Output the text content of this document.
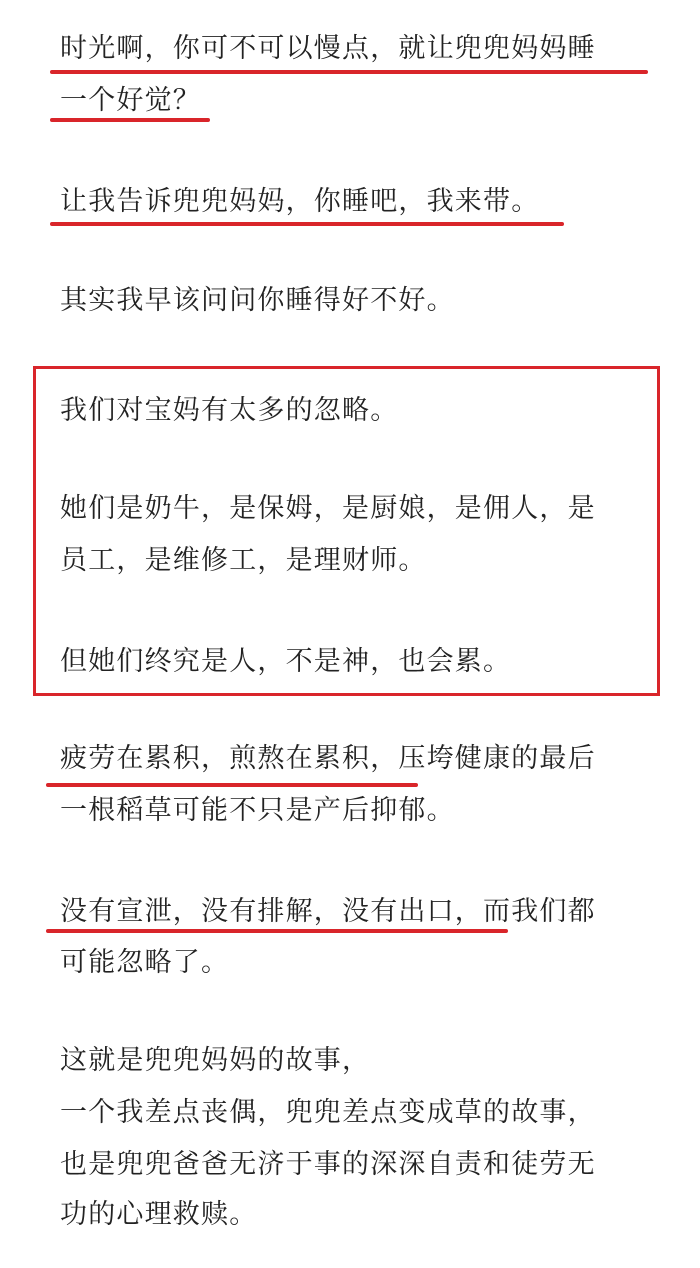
时光啊，你可不可以慢点，就让兜兜妈妈睡
一个好觉？
让我告诉兜兜妈妈，你睡吧，我来带。
其实我早该问问你睡得好不好。
我们对宝妈有太多的忽略。
她们是奶牛，是保姆，是厨娘，是佣人，是
员工，是维修工，是理财师。
但她们终究是人，不是神，也会累。
疲劳在累积，煎熬在累积，压垮健康的最后
一根稻草可能不只是产后抑郁。
没有宣泄，没有排解，没有出口，而我们都
可能忽略了。
这就是兜兜妈妈的故事，
一个我差点丧偶，兜兜差点变成草的故事，
也是兜兜爸爸无济于事的深深自责和徒劳无
功的心理救赎。
